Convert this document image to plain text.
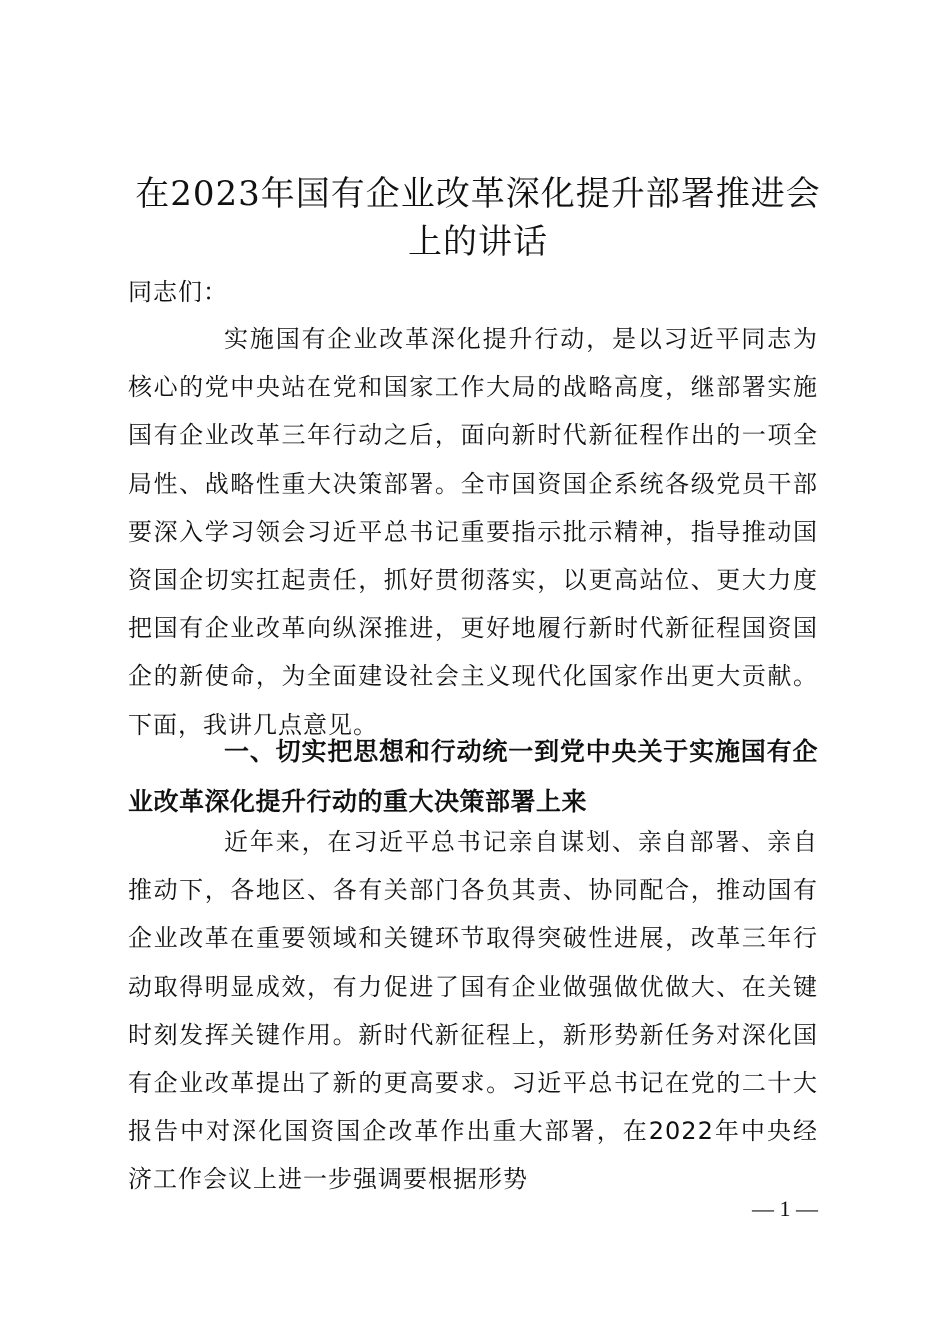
在2023年国有企业改革深化提升部署推进会上的讲话
同志们：
实施国有企业改革深化提升行动，是以习近平同志为核心的党中央站在党和国家工作大局的战略高度，继部署实施国有企业改革三年行动之后，面向新时代新征程作出的一项全局性、战略性重大决策部署。全市国资国企系统各级党员干部要深入学习领会习近平总书记重要指示批示精神，指导推动国资国企切实扛起责任，抓好贯彻落实，以更高站位、更大力度把国有企业改革向纵深推进，更好地履行新时代新征程国资国企的新使命，为全面建设社会主义现代化国家作出更大贡献。下面，我讲几点意见。
一、切实把思想和行动统一到党中央关于实施国有企业改革深化提升行动的重大决策部署上来
近年来，在习近平总书记亲自谋划、亲自部署、亲自推动下，各地区、各有关部门各负其责、协同配合，推动国有企业改革在重要领域和关键环节取得突破性进展，改革三年行动取得明显成效，有力促进了国有企业做强做优做大、在关键时刻发挥关键作用。新时代新征程上，新形势新任务对深化国有企业改革提出了新的更高要求。习近平总书记在党的二十大报告中对深化国资国企改革作出重大部署，在2022年中央经济工作会议上进一步强调要根据形势
— 1 —
